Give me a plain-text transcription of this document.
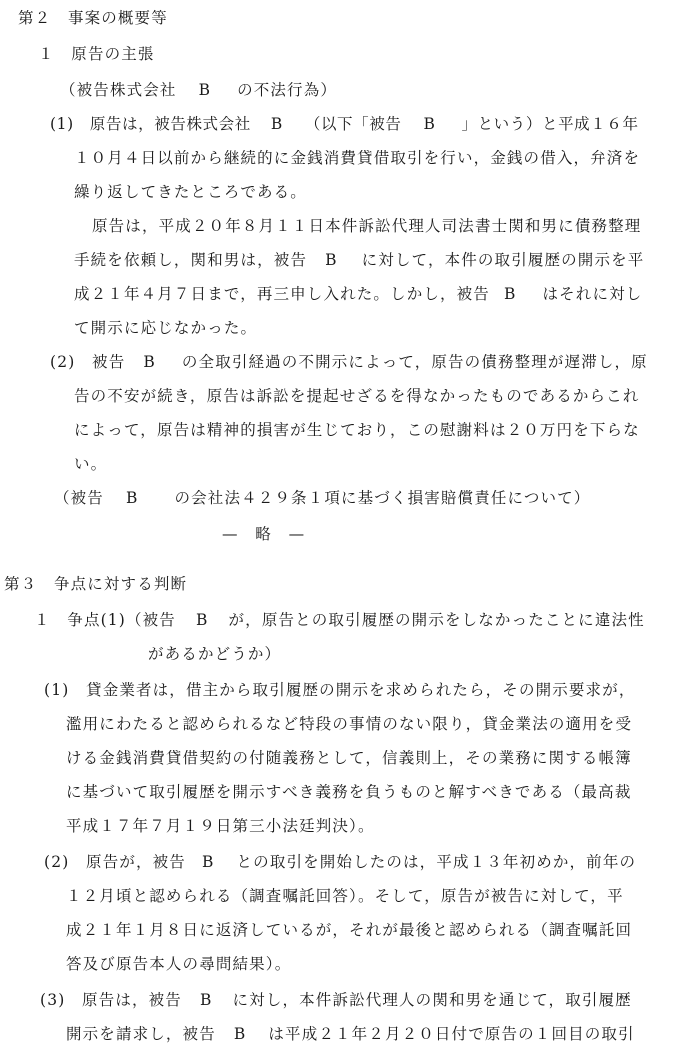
第２　事案の概要等
１　原告の主張
（被告株式会社 B の不法行為）
(1)　原告は，被告株式会社 B （以下「被告 B 」という）と平成１６年
１０月４日以前から継続的に金銭消費貸借取引を行い，金銭の借入，弁済を
繰り返してきたところである。
原告は，平成２０年８月１１日本件訴訟代理人司法書士関和男に債務整理
手続を依頼し，関和男は，被告 B に対して，本件の取引履歴の開示を平
成２１年４月７日まで，再三申し入れた。しかし，被告 B はそれに対し
て開示に応じなかった。
(2)　被告 B の全取引経過の不開示によって，原告の債務整理が遅滞し，原
告の不安が続き，原告は訴訟を提起せざるを得なかったものであるからこれ
によって，原告は精神的損害が生じており，この慰謝料は２０万円を下らな
い。
（被告 B の会社法４２９条１項に基づく損害賠償責任について）
—　略　—
第３　争点に対する判断
１　争点(1)（被告 B が，原告との取引履歴の開示をしなかったことに違法性
があるかどうか）
(1)　貸金業者は，借主から取引履歴の開示を求められたら，その開示要求が，
濫用にわたると認められるなど特段の事情のない限り，貸金業法の適用を受
ける金銭消費貸借契約の付随義務として，信義則上，その業務に関する帳簿
に基づいて取引履歴を開示すべき義務を負うものと解すべきである（最高裁
平成１７年７月１９日第三小法廷判決）。
(2)　原告が，被告 B との取引を開始したのは，平成１３年初めか，前年の
１２月頃と認められる（調査嘱託回答）。そして，原告が被告に対して，平
成２１年１月８日に返済しているが，それが最後と認められる（調査嘱託回
答及び原告本人の尋問結果）。
(3)　原告は，被告 B に対し，本件訴訟代理人の関和男を通じて，取引履歴
開示を請求し，被告 B は平成２１年２月２０日付で原告の１回目の取引
